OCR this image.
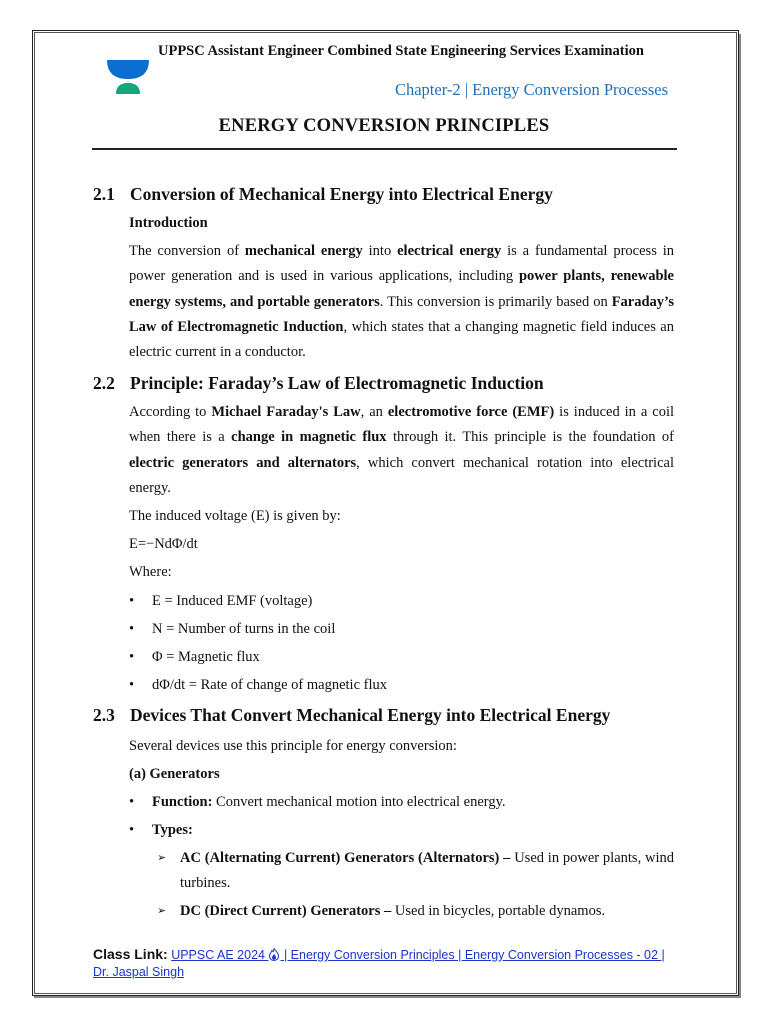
UPPSC Assistant Engineer Combined State Engineering Services Examination
Chapter-2 | Energy Conversion Processes
ENERGY CONVERSION PRINCIPLES
2.1 Conversion of Mechanical Energy into Electrical Energy
Introduction
The conversion of mechanical energy into electrical energy is a fundamental process in power generation and is used in various applications, including power plants, renewable energy systems, and portable generators. This conversion is primarily based on Faraday’s Law of Electromagnetic Induction, which states that a changing magnetic field induces an electric current in a conductor.
2.2 Principle: Faraday’s Law of Electromagnetic Induction
According to Michael Faraday's Law, an electromotive force (EMF) is induced in a coil when there is a change in magnetic flux through it. This principle is the foundation of electric generators and alternators, which convert mechanical rotation into electrical energy.
The induced voltage (E) is given by:
E=−NdΦ/dt
Where:
• E = Induced EMF (voltage)
• N = Number of turns in the coil
• Φ = Magnetic flux
• dΦ/dt = Rate of change of magnetic flux
2.3 Devices That Convert Mechanical Energy into Electrical Energy
Several devices use this principle for energy conversion:
(a) Generators
• Function: Convert mechanical motion into electrical energy.
• Types:
➢ AC (Alternating Current) Generators (Alternators) – Used in power plants, wind turbines.
➢ DC (Direct Current) Generators – Used in bicycles, portable dynamos.
Class Link: UPPSC AE 2024  | Energy Conversion Principles | Energy Conversion Processes - 02 | Dr. Jaspal Singh
